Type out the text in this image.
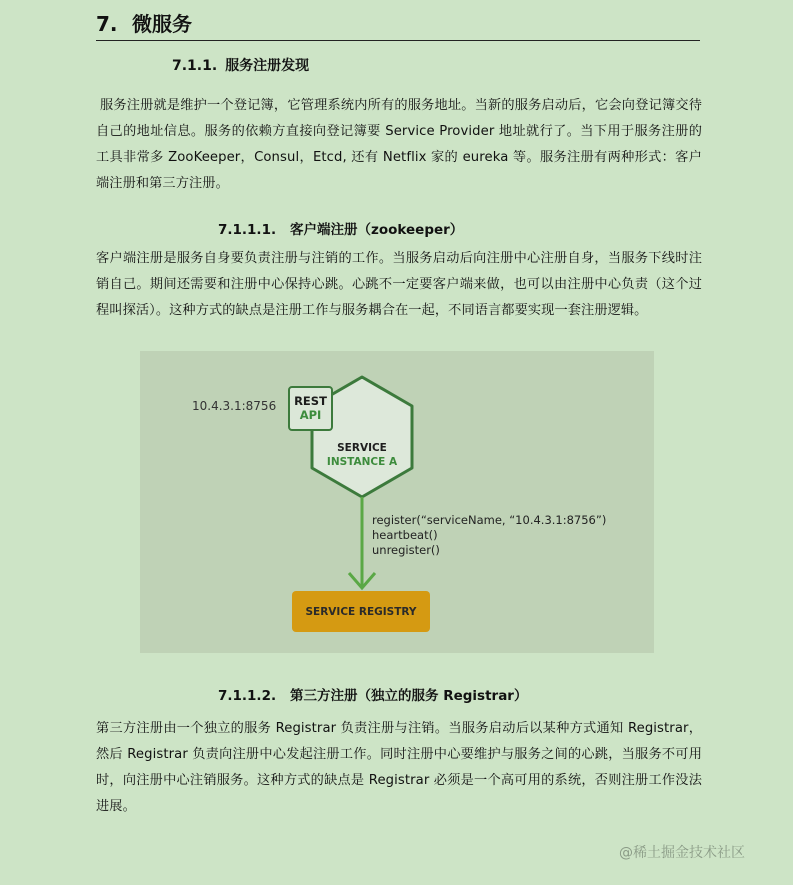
7. 微服务
7.1.1. 服务注册发现

服务注册就是维护一个登记簿，它管理系统内所有的服务地址。当新的服务启动后，它会向登记簿交待自己的地址信息。服务的依赖方直接向登记簿要 Service Provider 地址就行了。当下用于服务注册的工具非常多 ZooKeeper，Consul，Etcd, 还有 Netflix 家的 eureka 等。服务注册有两种形式：客户端注册和第三方注册。

7.1.1.1. 客户端注册（zookeeper）

客户端注册是服务自身要负责注册与注销的工作。当服务启动后向注册中心注册自身，当服务下线时注销自己。期间还需要和注册中心保持心跳。心跳不一定要客户端来做，也可以由注册中心负责（这个过程叫探活）。这种方式的缺点是注册工作与服务耦合在一起，不同语言都要实现一套注册逻辑。

10.4.3.1:8756	REST
API
SERVICE
INSTANCE A
register(“serviceName, “10.4.3.1:8756”)
heartbeat()
unregister()
SERVICE REGISTRY
7.1.1.2. 第三方注册（独立的服务 Registrar）

第三方注册由一个独立的服务 Registrar 负责注册与注销。当服务启动后以某种方式通知 Registrar，然后 Registrar 负责向注册中心发起注册工作。同时注册中心要维护与服务之间的心跳，当服务不可用时，向注册中心注销服务。这种方式的缺点是 Registrar 必须是一个高可用的系统，否则注册工作没法进展。

@稀土掘金技术社区
